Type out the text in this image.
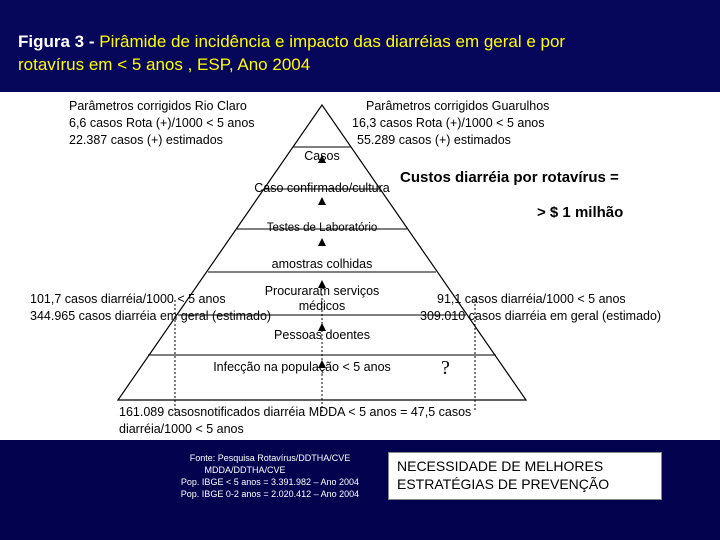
Figura 3 - Pirâmide de incidência e impacto das diarréias em geral e por
rotavírus em < 5 anos , ESP, Ano 2004
Parâmetros corrigidos Rio Claro
6,6 casos Rota (+)/1000 < 5 anos
22.387 casos (+) estimados
Parâmetros corrigidos Guarulhos
16,3 casos Rota (+)/1000 < 5 anos
55.289 casos (+) estimados
Casos
Caso confirmado/cultura
Testes de Laboratório
amostras colhidas
Procuraram serviços
médicos
Pessoas doentes
Infecção na população < 5 anos
Custos diarréia por rotavírus =
> $ 1 milhão
101,7 casos diarréia/1000 < 5 anos
344.965 casos diarréia em geral (estimado)
91,1 casos diarréia/1000 < 5 anos
309.010 casos diarréia em geral (estimado)
?
161.089 casosnotificados diarréia MDDA < 5 anos = 47,5 casos
diarréia/1000 < 5 anos
Fonte: Pesquisa Rotavírus/DDTHA/CVE
MDDA/DDTHA/CVE
Pop. IBGE < 5 anos = 3.391.982 – Ano 2004
Pop. IBGE 0-2 anos = 2.020.412 – Ano 2004
NECESSIDADE DE MELHORES
ESTRATÉGIAS DE PREVENÇÃO
